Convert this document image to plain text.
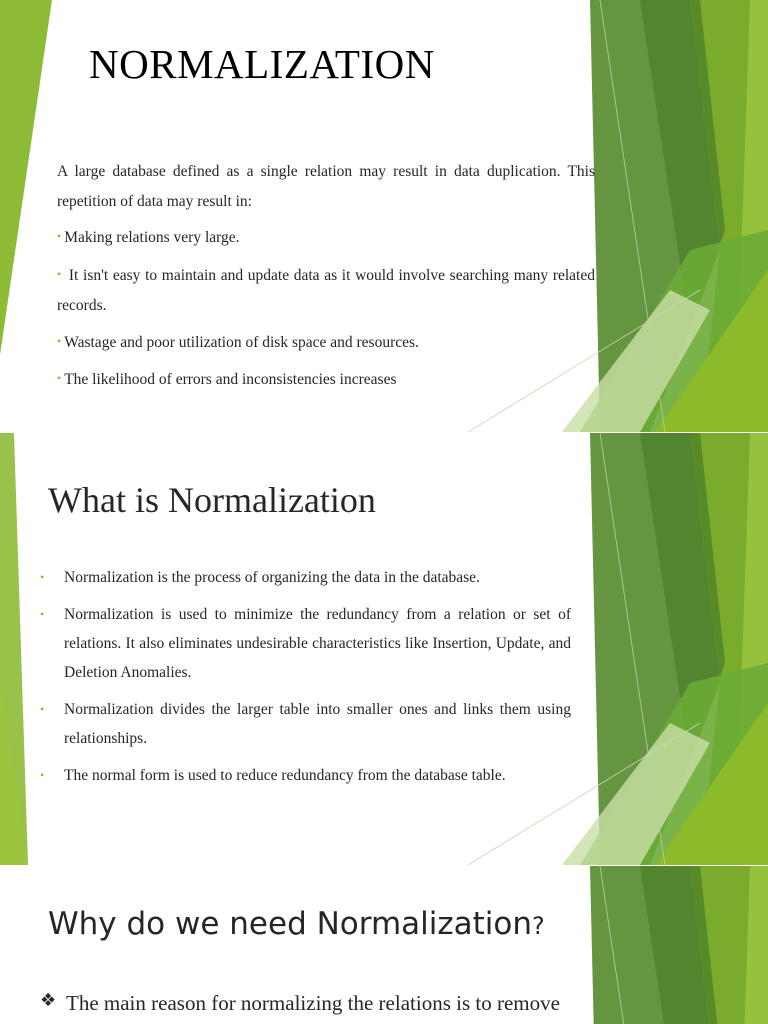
NORMALIZATION

A large database defined as a single relation may result in data duplication. This repetition of data may result in:

• Making relations very large.

• It isn't easy to maintain and update data as it would involve searching many related records.

• Wastage and poor utilization of disk space and resources.

• The likelihood of errors and inconsistencies increases

What is Normalization
•	Normalization is the process of organizing the data in the database.
•	Normalization is used to minimize the redundancy from a relation or set of relations. It also eliminates undesirable characteristics like Insertion, Update, and Deletion Anomalies.
•	Normalization divides the larger table into smaller ones and links them using relationships.
•	The normal form is used to reduce redundancy from the database table.
Why do we need Normalization?
❖ The main reason for normalizing the relations is to remove
